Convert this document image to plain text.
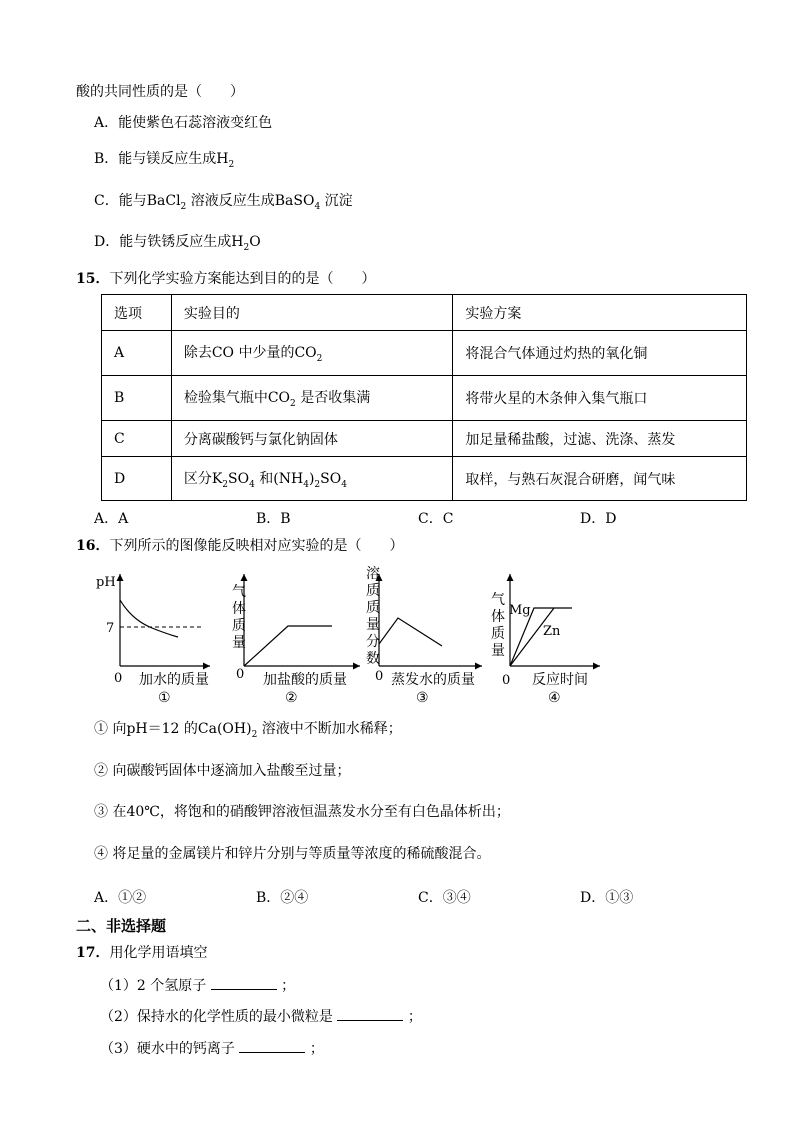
酸的共同性质的是（　　）
A．能使紫色石蕊溶液变红色
B．能与镁反应生成$H_2$
C．能与BaCl$_2$ 溶液反应生成BaSO$_4$ 沉淀
D．能与铁锈反应生成$H_2O$
15．下列化学实验方案能达到目的的是（　　）
选项	实验目的	实验方案
A	除去CO 中少量的$CO_2$	将混合气体通过灼热的氧化铜
B	检验集气瓶中$CO_2$ 是否收集满	将带火星的木条伸入集气瓶口
C	分离碳酸钙与氯化钠固体	加足量稀盐酸，过滤、洗涤、蒸发
D	区分$K_2SO_4$ 和$(NH_4)_2SO_4$	取样，与熟石灰混合研磨，闻气味
A．A	B．B	C．C	D．D
16．下列所示的图像能反映相对应实验的是（　　）
pH
7
0 加水的质量
①
气
体
质
量
0 加盐酸的质量
②
溶
质
质
量
分
数
0 蒸发水的质量
③
气
体
质
量
Mg
Zn
0 反应时间
④
① 向pH＝12 的$Ca(OH)_2$ 溶液中不断加水稀释；
② 向碳酸钙固体中逐滴加入盐酸至过量；
③ 在40℃，将饱和的硝酸钾溶液恒温蒸发水分至有白色晶体析出；
④ 将足量的金属镁片和锌片分别与等质量等浓度的稀硫酸混合。
A．①②	B．②④	C．③④	D．①③
二、非选择题
17．用化学用语填空
（1）2 个氢原子	；
（2）保持水的化学性质的最小微粒是	；
（3）硬水中的钙离子	；
